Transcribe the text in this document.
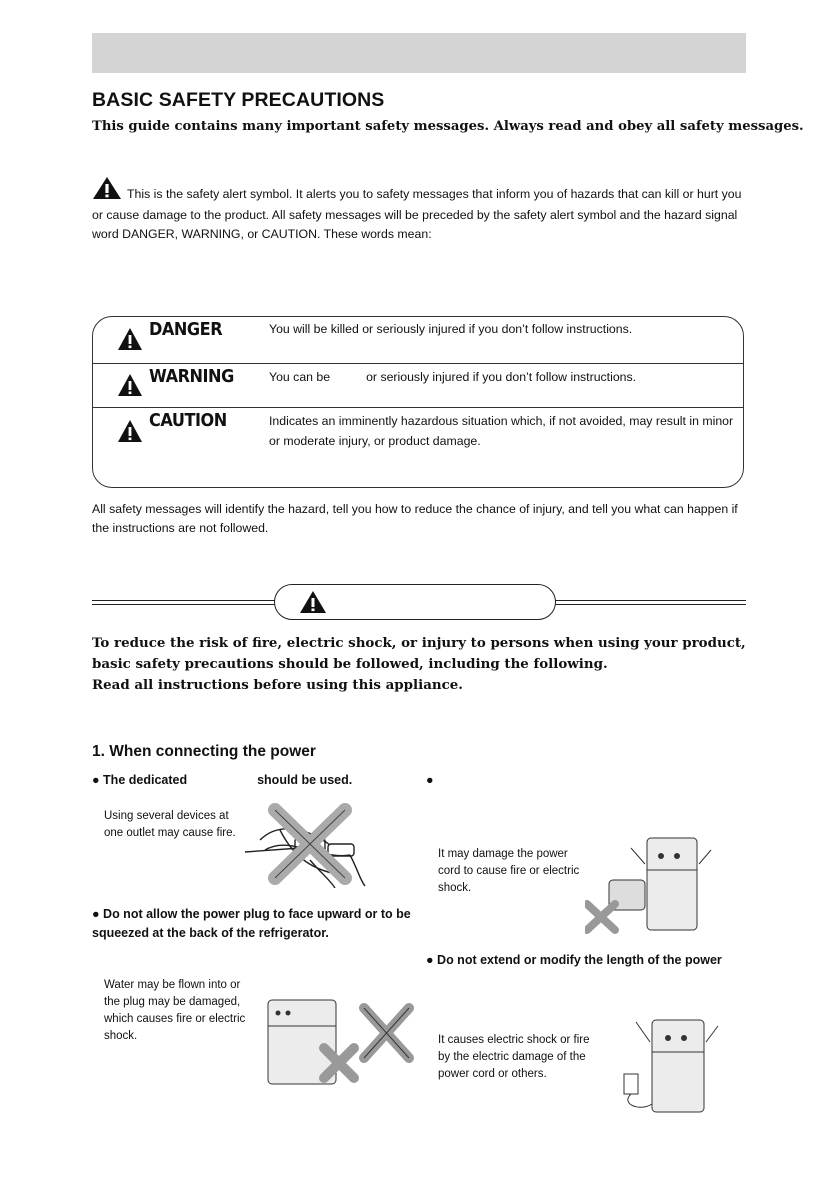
BASIC SAFETY PRECAUTIONS
This guide contains many important safety messages. Always read and obey all safety messages.
This is the safety alert symbol. It alerts you to safety messages that inform you of hazards that can kill or hurt you or cause damage to the product. All safety messages will be preceded by the safety alert symbol and the hazard signal word DANGER, WARNING, or CAUTION. These words mean:
DANGER	You will be killed or seriously injured if you don’t follow instructions.
WARNING	You can be	or seriously injured if you don’t follow instructions.
CAUTION	Indicates an imminently hazardous situation which, if not avoided, may result in minor or moderate injury, or product damage.
All safety messages will identify the hazard, tell you how to reduce the chance of injury, and tell you what can happen if the instructions are not followed.
To reduce the risk of fire, electric shock, or injury to persons when using your product, basic safety precautions should be followed, including the following.
Read all instructions before using this appliance.
1. When connecting the power
● The dedicated	should be used.
Using several devices at one outlet may cause fire.
● Do not allow the power plug to face upward or to be squeezed at the back of the refrigerator.
Water may be flown into or the plug may be damaged, which causes fire or electric shock.
●
It may damage the power cord to cause fire or electric shock.
● Do not extend or modify the length of the power
It causes electric shock or fire by the electric damage of the power cord or others.
